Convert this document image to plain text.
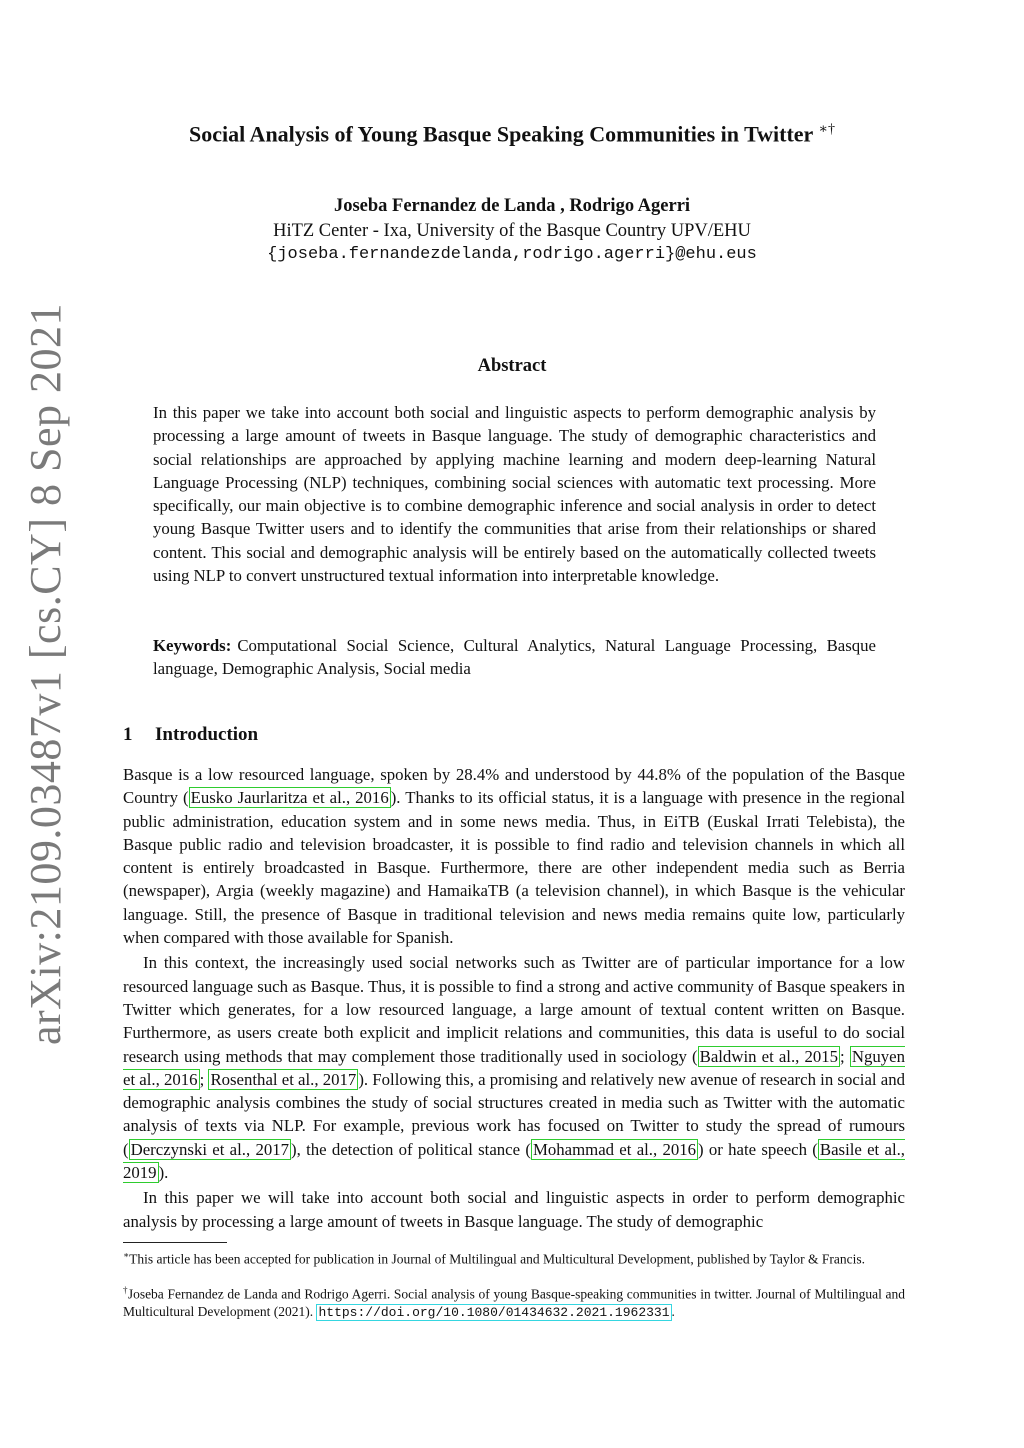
arXiv:2109.03487v1 [cs.CY] 8 Sep 2021
Social Analysis of Young Basque Speaking Communities in Twitter ∗†
Joseba Fernandez de Landa , Rodrigo Agerri
HiTZ Center - Ixa, University of the Basque Country UPV/EHU
{joseba.fernandezdelanda,rodrigo.agerri}@ehu.eus
Abstract
In this paper we take into account both social and linguistic aspects to perform demographic analysis by processing a large amount of tweets in Basque language. The study of demographic characteristics and social relationships are approached by applying machine learning and modern deep-learning Natural Language Processing (NLP) techniques, combining social sciences with automatic text processing. More specifically, our main objective is to combine demographic inference and social analysis in order to detect young Basque Twitter users and to identify the communities that arise from their relationships or shared content. This social and demographic analysis will be entirely based on the automatically collected tweets using NLP to convert unstructured textual information into interpretable knowledge.
Keywords: Computational Social Science, Cultural Analytics, Natural Language Processing, Basque language, Demographic Analysis, Social media
1 Introduction

Basque is a low resourced language, spoken by 28.4% and understood by 44.8% of the population of the Basque Country ( Eusko Jaurlaritza et al., 2016 ). Thanks to its official status, it is a language with presence in the regional public administration, education system and in some news media. Thus, in EiTB (Euskal Irrati Telebista), the Basque public radio and television broadcaster, it is possible to find radio and television channels in which all content is entirely broadcasted in Basque. Furthermore, there are other independent media such as Berria (newspaper), Argia (weekly magazine) and HamaikaTB (a television channel), in which Basque is the vehicular language. Still, the presence of Basque in traditional television and news media remains quite low, particularly when compared with those available for Spanish.

In this context, the increasingly used social networks such as Twitter are of particular importance for a low resourced language such as Basque. Thus, it is possible to find a strong and active community of Basque speakers in Twitter which generates, for a low resourced language, a large amount of textual content written on Basque. Furthermore, as users create both explicit and implicit relations and communities, this data is useful to do social research using methods that may complement those traditionally used in sociology ( Baldwin et al., 2015 ; Nguyen et al., 2016 ; Rosenthal et al., 2017 ). Following this, a promising and relatively new avenue of research in social and demographic analysis combines the study of social structures created in media such as Twitter with the automatic analysis of texts via NLP. For example, previous work has focused on Twitter to study the spread of rumours ( Derczynski et al., 2017 ), the detection of political stance ( Mohammad et al., 2016 ) or hate speech ( Basile et al., 2019 ).

In this paper we will take into account both social and linguistic aspects in order to perform demographic analysis by processing a large amount of tweets in Basque language. The study of demographic

∗This article has been accepted for publication in Journal of Multilingual and Multicultural Development, published by Taylor & Francis.
†Joseba Fernandez de Landa and Rodrigo Agerri. Social analysis of young Basque-speaking communities in twitter. Journal of Multilingual and Multicultural Development (2021). https://doi.org/10.1080/01434632.2021.1962331 .
